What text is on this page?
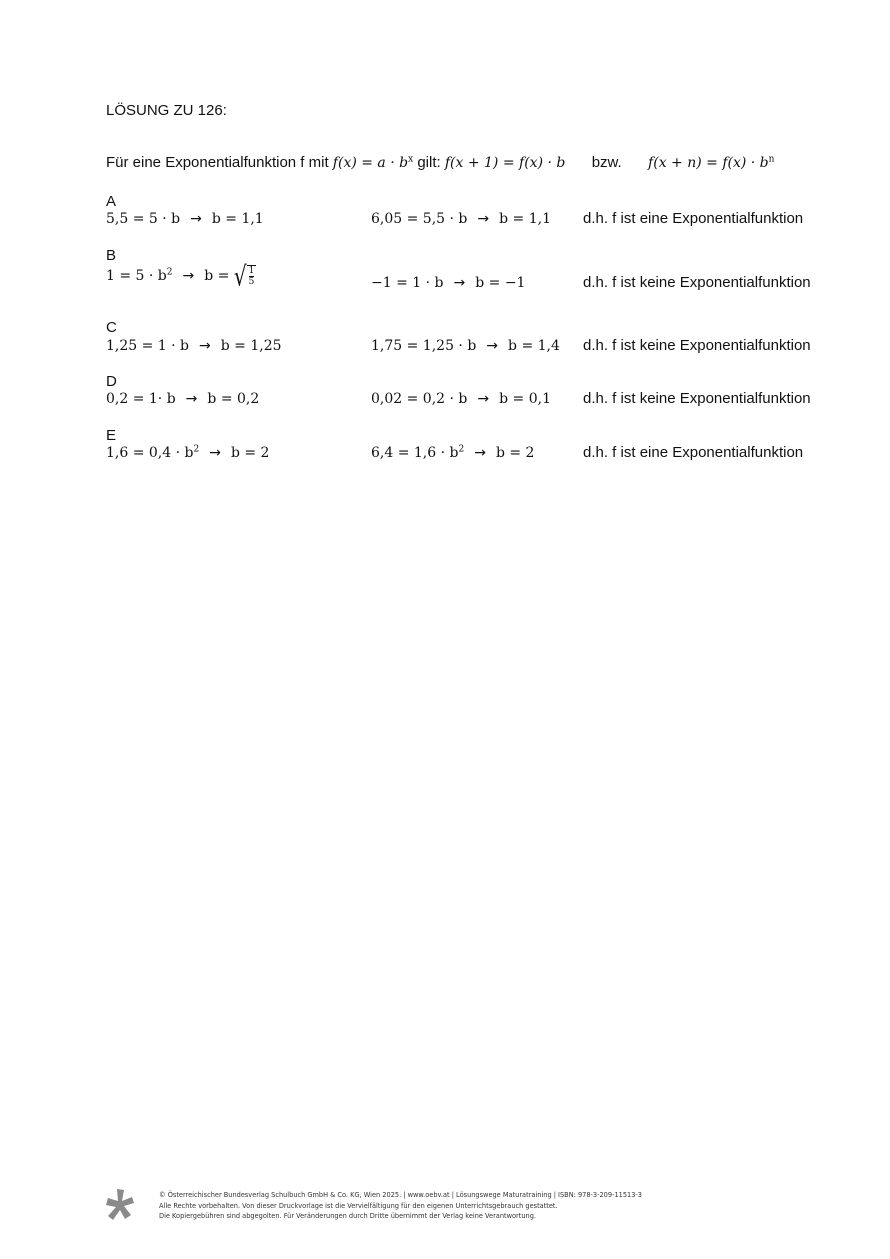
LÖSUNG ZU 126:
Für eine Exponentialfunktion f mit $f(x) = a \cdot b^x$ gilt: f(x + 1) = f(x) · b bzw. $f(x + n) = f(x) \cdot b^n$
A
5,5 = 5 · b → b = 1,1	6,05 = 5,5 · b → b = 1,1 d.h. f ist eine Exponentialfunktion
B
$1 = 5 \cdot b^2 \to b$ = √ $\frac{1}{5}$	−1 = 1 · b → b = −1	d.h. f ist keine Exponentialfunktion
C
1,25 = 1 · b → b = 1,25	1,75 = 1,25 · b → b = 1,4 d.h. f ist keine Exponentialfunktion
D
0,2 = 1· b → b = 0,2	0,02 = 0,2 · b → b = 0,1 d.h. f ist keine Exponentialfunktion
E
$1,6 = 0,4 \cdot b^2 \to b = 2$	$6,4 = 1,6 \cdot b^2 \to b = 2$	d.h. f ist eine Exponentialfunktion
© Österreichischer Bundesverlag Schulbuch GmbH & Co. KG, Wien 2025. | www.oebv.at | Lösungswege Maturatraining | ISBN: 978-3-209-11513-3
Alle Rechte vorbehalten. Von dieser Druckvorlage ist die Vervielfältigung für den eigenen Unterrichtsgebrauch gestattet.
Die Kopiergebühren sind abgegolten. Für Veränderungen durch Dritte übernimmt der Verlag keine Verantwortung.
